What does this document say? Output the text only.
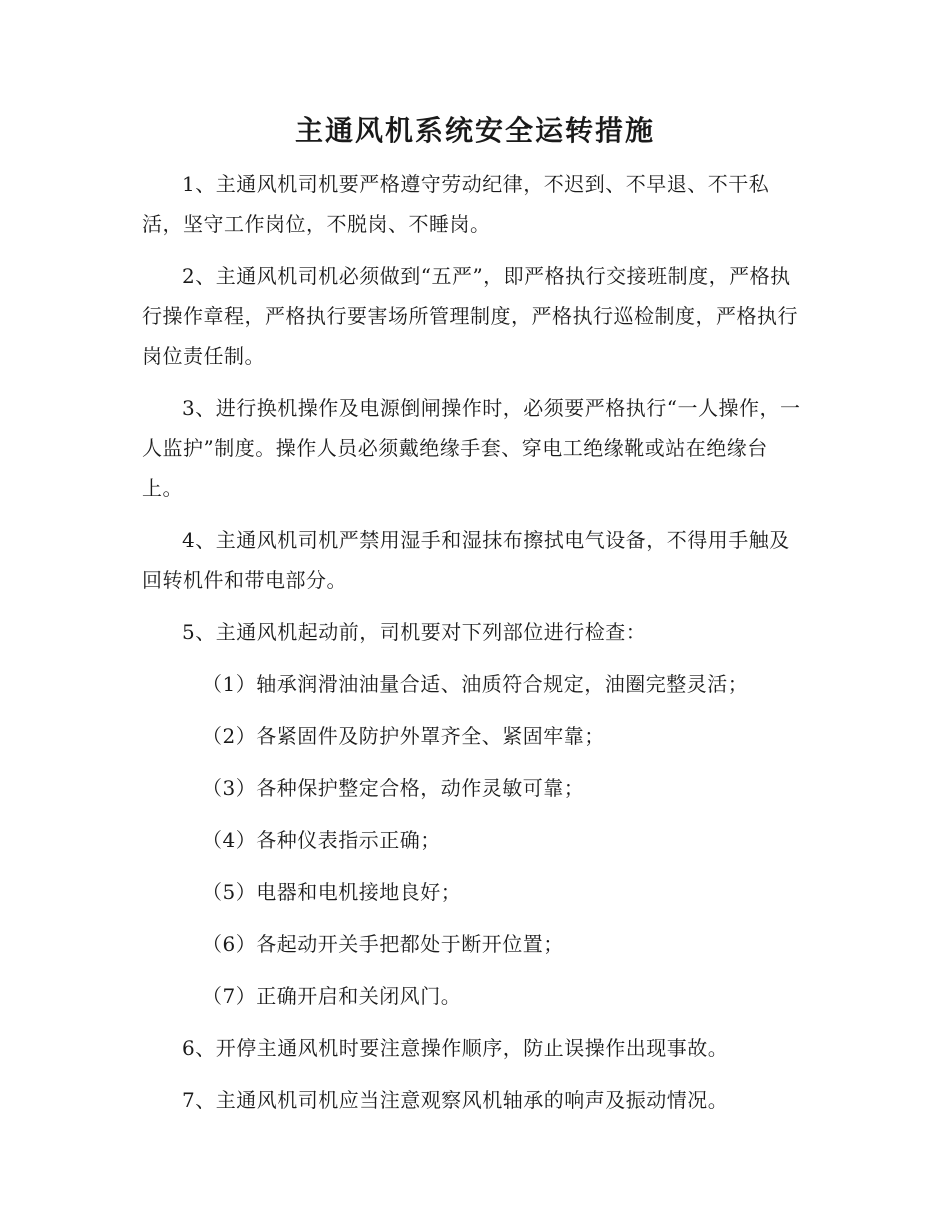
主通风机系统安全运转措施

1、主通风机司机要严格遵守劳动纪律，不迟到、不早退、不干私活，坚守工作岗位，不脱岗、不睡岗。

2、主通风机司机必须做到“五严”，即严格执行交接班制度，严格执行操作章程，严格执行要害场所管理制度，严格执行巡检制度，严格执行岗位责任制。

3、进行换机操作及电源倒闸操作时，必须要严格执行“一人操作，一人监护”制度。操作人员必须戴绝缘手套、穿电工绝缘靴或站在绝缘台上。

4、主通风机司机严禁用湿手和湿抹布擦拭电气设备，不得用手触及回转机件和带电部分。

5、主通风机起动前，司机要对下列部位进行检查：

（1）轴承润滑油油量合适、油质符合规定，油圈完整灵活；
（2）各紧固件及防护外罩齐全、紧固牢靠；
（3）各种保护整定合格，动作灵敏可靠；
（4）各种仪表指示正确；
（5）电器和电机接地良好；
（6）各起动开关手把都处于断开位置；
（7）正确开启和关闭风门。

6、开停主通风机时要注意操作顺序，防止误操作出现事故。

7、主通风机司机应当注意观察风机轴承的响声及振动情况。
